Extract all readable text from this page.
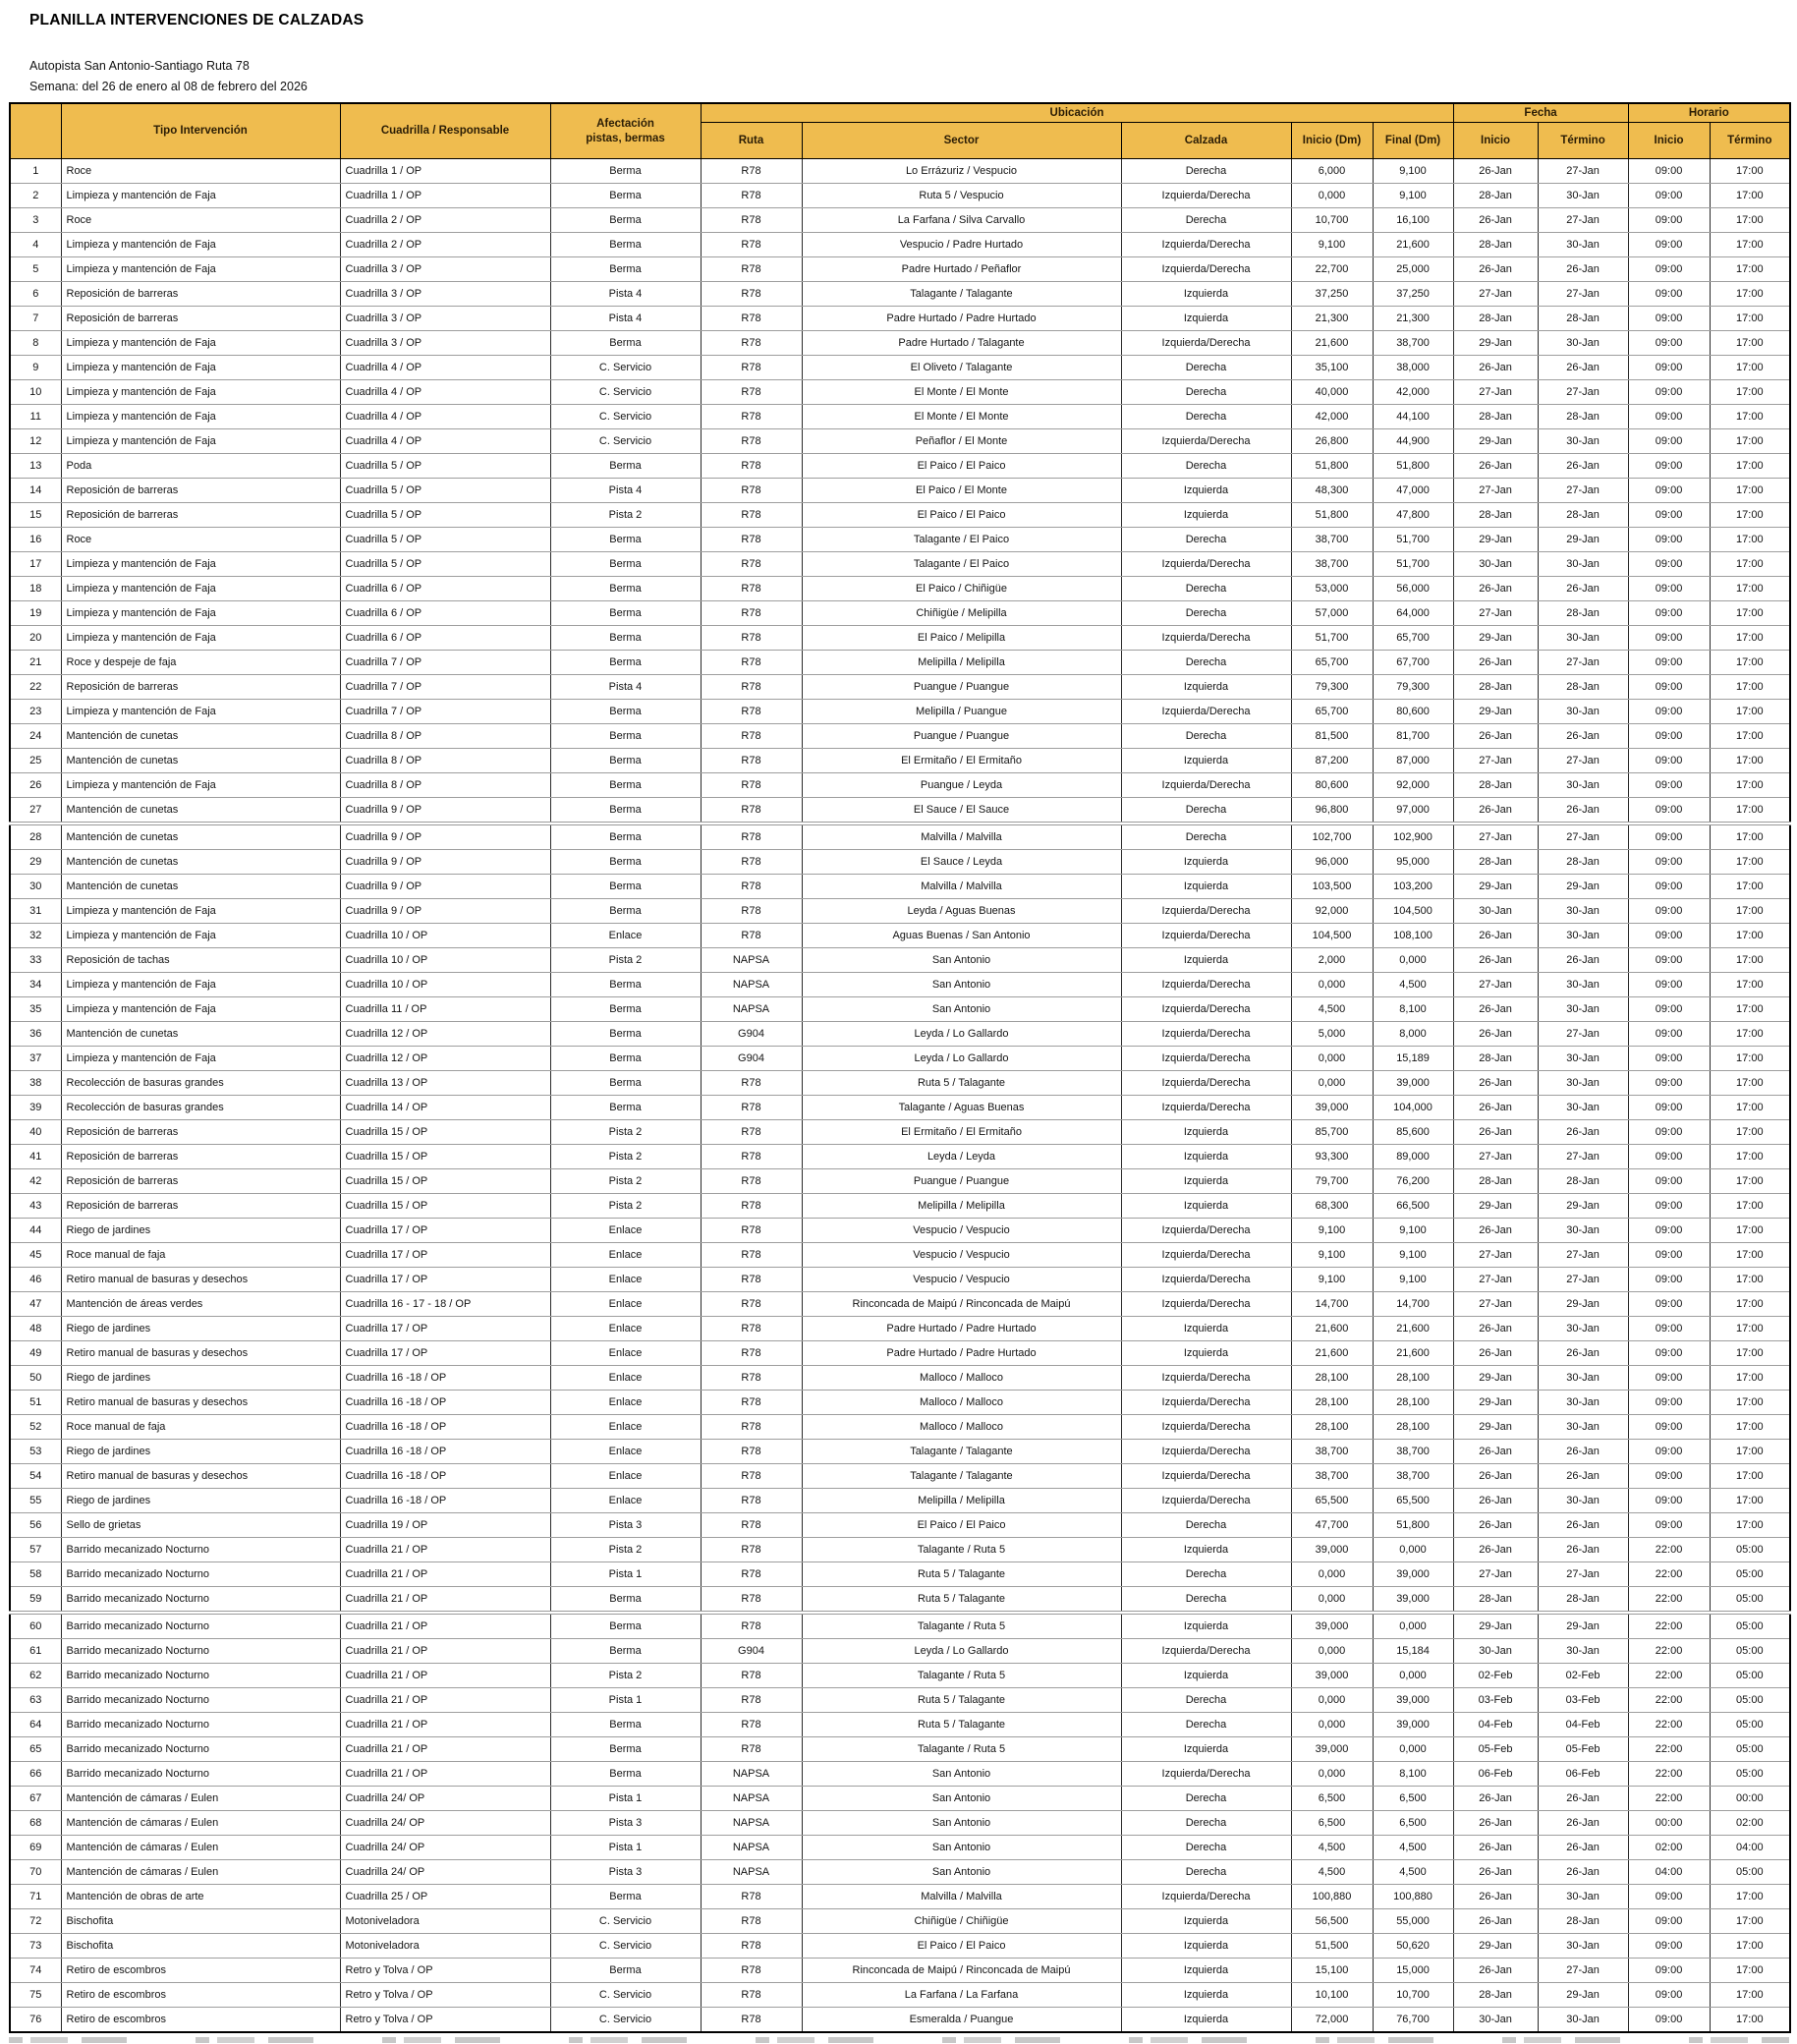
PLANILLA INTERVENCIONES DE CALZADAS
Autopista San Antonio-Santiago Ruta 78
Semana: del 26 de enero al 08 de febrero del 2026
	Tipo Intervención	Cuadrilla / Responsable	Afectación
pistas, bermas	Ubicación					Fecha		Horario	
				Ruta	Sector	Calzada	Inicio (Dm)	Final (Dm)	Inicio	Término	Inicio	Término
1	Roce	Cuadrilla 1 / OP	Berma	R78	Lo Errázuriz / Vespucio	Derecha	6,000	9,100	26-Jan	27-Jan	09:00	17:00
2	Limpieza y mantención de Faja	Cuadrilla 1 / OP	Berma	R78	Ruta 5 / Vespucio	Izquierda/Derecha	0,000	9,100	28-Jan	30-Jan	09:00	17:00
3	Roce	Cuadrilla 2 / OP	Berma	R78	La Farfana / Silva Carvallo	Derecha	10,700	16,100	26-Jan	27-Jan	09:00	17:00
4	Limpieza y mantención de Faja	Cuadrilla 2 / OP	Berma	R78	Vespucio / Padre Hurtado	Izquierda/Derecha	9,100	21,600	28-Jan	30-Jan	09:00	17:00
5	Limpieza y mantención de Faja	Cuadrilla 3 / OP	Berma	R78	Padre Hurtado / Peñaflor	Izquierda/Derecha	22,700	25,000	26-Jan	26-Jan	09:00	17:00
6	Reposición de barreras	Cuadrilla 3 / OP	Pista 4	R78	Talagante / Talagante	Izquierda	37,250	37,250	27-Jan	27-Jan	09:00	17:00
7	Reposición de barreras	Cuadrilla 3 / OP	Pista 4	R78	Padre Hurtado / Padre Hurtado	Izquierda	21,300	21,300	28-Jan	28-Jan	09:00	17:00
8	Limpieza y mantención de Faja	Cuadrilla 3 / OP	Berma	R78	Padre Hurtado / Talagante	Izquierda/Derecha	21,600	38,700	29-Jan	30-Jan	09:00	17:00
9	Limpieza y mantención de Faja	Cuadrilla 4 / OP	C. Servicio	R78	El Oliveto / Talagante	Derecha	35,100	38,000	26-Jan	26-Jan	09:00	17:00
10	Limpieza y mantención de Faja	Cuadrilla 4 / OP	C. Servicio	R78	El Monte / El Monte	Derecha	40,000	42,000	27-Jan	27-Jan	09:00	17:00
11	Limpieza y mantención de Faja	Cuadrilla 4 / OP	C. Servicio	R78	El Monte / El Monte	Derecha	42,000	44,100	28-Jan	28-Jan	09:00	17:00
12	Limpieza y mantención de Faja	Cuadrilla 4 / OP	C. Servicio	R78	Peñaflor / El Monte	Izquierda/Derecha	26,800	44,900	29-Jan	30-Jan	09:00	17:00
13	Poda	Cuadrilla 5 / OP	Berma	R78	El Paico / El Paico	Derecha	51,800	51,800	26-Jan	26-Jan	09:00	17:00
14	Reposición de barreras	Cuadrilla 5 / OP	Pista 4	R78	El Paico / El Monte	Izquierda	48,300	47,000	27-Jan	27-Jan	09:00	17:00
15	Reposición de barreras	Cuadrilla 5 / OP	Pista 2	R78	El Paico / El Paico	Izquierda	51,800	47,800	28-Jan	28-Jan	09:00	17:00
16	Roce	Cuadrilla 5 / OP	Berma	R78	Talagante / El Paico	Derecha	38,700	51,700	29-Jan	29-Jan	09:00	17:00
17	Limpieza y mantención de Faja	Cuadrilla 5 / OP	Berma	R78	Talagante / El Paico	Izquierda/Derecha	38,700	51,700	30-Jan	30-Jan	09:00	17:00
18	Limpieza y mantención de Faja	Cuadrilla 6 / OP	Berma	R78	El Paico / Chiñigüe	Derecha	53,000	56,000	26-Jan	26-Jan	09:00	17:00
19	Limpieza y mantención de Faja	Cuadrilla 6 / OP	Berma	R78	Chiñigüe / Melipilla	Derecha	57,000	64,000	27-Jan	28-Jan	09:00	17:00
20	Limpieza y mantención de Faja	Cuadrilla 6 / OP	Berma	R78	El Paico / Melipilla	Izquierda/Derecha	51,700	65,700	29-Jan	30-Jan	09:00	17:00
21	Roce y despeje de faja	Cuadrilla 7 / OP	Berma	R78	Melipilla / Melipilla	Derecha	65,700	67,700	26-Jan	27-Jan	09:00	17:00
22	Reposición de barreras	Cuadrilla 7 / OP	Pista 4	R78	Puangue / Puangue	Izquierda	79,300	79,300	28-Jan	28-Jan	09:00	17:00
23	Limpieza y mantención de Faja	Cuadrilla 7 / OP	Berma	R78	Melipilla / Puangue	Izquierda/Derecha	65,700	80,600	29-Jan	30-Jan	09:00	17:00
24	Mantención de cunetas	Cuadrilla 8 / OP	Berma	R78	Puangue / Puangue	Derecha	81,500	81,700	26-Jan	26-Jan	09:00	17:00
25	Mantención de cunetas	Cuadrilla 8 / OP	Berma	R78	El Ermitaño / El Ermitaño	Izquierda	87,200	87,000	27-Jan	27-Jan	09:00	17:00
26	Limpieza y mantención de Faja	Cuadrilla 8 / OP	Berma	R78	Puangue / Leyda	Izquierda/Derecha	80,600	92,000	28-Jan	30-Jan	09:00	17:00
27	Mantención de cunetas	Cuadrilla 9 / OP	Berma	R78	El Sauce / El Sauce	Derecha	96,800	97,000	26-Jan	26-Jan	09:00	17:00
28	Mantención de cunetas	Cuadrilla 9 / OP	Berma	R78	Malvilla / Malvilla	Derecha	102,700	102,900	27-Jan	27-Jan	09:00	17:00
29	Mantención de cunetas	Cuadrilla 9 / OP	Berma	R78	El Sauce / Leyda	Izquierda	96,000	95,000	28-Jan	28-Jan	09:00	17:00
30	Mantención de cunetas	Cuadrilla 9 / OP	Berma	R78	Malvilla / Malvilla	Izquierda	103,500	103,200	29-Jan	29-Jan	09:00	17:00
31	Limpieza y mantención de Faja	Cuadrilla 9 / OP	Berma	R78	Leyda / Aguas Buenas	Izquierda/Derecha	92,000	104,500	30-Jan	30-Jan	09:00	17:00
32	Limpieza y mantención de Faja	Cuadrilla 10 / OP	Enlace	R78	Aguas Buenas / San Antonio	Izquierda/Derecha	104,500	108,100	26-Jan	30-Jan	09:00	17:00
33	Reposición de tachas	Cuadrilla 10 / OP	Pista 2	NAPSA	San Antonio	Izquierda	2,000	0,000	26-Jan	26-Jan	09:00	17:00
34	Limpieza y mantención de Faja	Cuadrilla 10 / OP	Berma	NAPSA	San Antonio	Izquierda/Derecha	0,000	4,500	27-Jan	30-Jan	09:00	17:00
35	Limpieza y mantención de Faja	Cuadrilla 11 / OP	Berma	NAPSA	San Antonio	Izquierda/Derecha	4,500	8,100	26-Jan	30-Jan	09:00	17:00
36	Mantención de cunetas	Cuadrilla 12 / OP	Berma	G904	Leyda / Lo Gallardo	Izquierda/Derecha	5,000	8,000	26-Jan	27-Jan	09:00	17:00
37	Limpieza y mantención de Faja	Cuadrilla 12 / OP	Berma	G904	Leyda / Lo Gallardo	Izquierda/Derecha	0,000	15,189	28-Jan	30-Jan	09:00	17:00
38	Recolección de basuras grandes	Cuadrilla 13 / OP	Berma	R78	Ruta 5 / Talagante	Izquierda/Derecha	0,000	39,000	26-Jan	30-Jan	09:00	17:00
39	Recolección de basuras grandes	Cuadrilla 14 / OP	Berma	R78	Talagante / Aguas Buenas	Izquierda/Derecha	39,000	104,000	26-Jan	30-Jan	09:00	17:00
40	Reposición de barreras	Cuadrilla 15 / OP	Pista 2	R78	El Ermitaño / El Ermitaño	Izquierda	85,700	85,600	26-Jan	26-Jan	09:00	17:00
41	Reposición de barreras	Cuadrilla 15 / OP	Pista 2	R78	Leyda / Leyda	Izquierda	93,300	89,000	27-Jan	27-Jan	09:00	17:00
42	Reposición de barreras	Cuadrilla 15 / OP	Pista 2	R78	Puangue / Puangue	Izquierda	79,700	76,200	28-Jan	28-Jan	09:00	17:00
43	Reposición de barreras	Cuadrilla 15 / OP	Pista 2	R78	Melipilla / Melipilla	Izquierda	68,300	66,500	29-Jan	29-Jan	09:00	17:00
44	Riego de jardines	Cuadrilla 17 / OP	Enlace	R78	Vespucio / Vespucio	Izquierda/Derecha	9,100	9,100	26-Jan	30-Jan	09:00	17:00
45	Roce manual de faja	Cuadrilla 17 / OP	Enlace	R78	Vespucio / Vespucio	Izquierda/Derecha	9,100	9,100	27-Jan	27-Jan	09:00	17:00
46	Retiro manual de basuras y desechos	Cuadrilla 17 / OP	Enlace	R78	Vespucio / Vespucio	Izquierda/Derecha	9,100	9,100	27-Jan	27-Jan	09:00	17:00
47	Mantención de áreas verdes	Cuadrilla 16 - 17 - 18 / OP	Enlace	R78	Rinconcada de Maipú / Rinconcada de Maipú	Izquierda/Derecha	14,700	14,700	27-Jan	29-Jan	09:00	17:00
48	Riego de jardines	Cuadrilla 17 / OP	Enlace	R78	Padre Hurtado / Padre Hurtado	Izquierda	21,600	21,600	26-Jan	30-Jan	09:00	17:00
49	Retiro manual de basuras y desechos	Cuadrilla 17 / OP	Enlace	R78	Padre Hurtado / Padre Hurtado	Izquierda	21,600	21,600	26-Jan	26-Jan	09:00	17:00
50	Riego de jardines	Cuadrilla 16 -18 / OP	Enlace	R78	Malloco / Malloco	Izquierda/Derecha	28,100	28,100	29-Jan	30-Jan	09:00	17:00
51	Retiro manual de basuras y desechos	Cuadrilla 16 -18 / OP	Enlace	R78	Malloco / Malloco	Izquierda/Derecha	28,100	28,100	29-Jan	30-Jan	09:00	17:00
52	Roce manual de faja	Cuadrilla 16 -18 / OP	Enlace	R78	Malloco / Malloco	Izquierda/Derecha	28,100	28,100	29-Jan	30-Jan	09:00	17:00
53	Riego de jardines	Cuadrilla 16 -18 / OP	Enlace	R78	Talagante / Talagante	Izquierda/Derecha	38,700	38,700	26-Jan	26-Jan	09:00	17:00
54	Retiro manual de basuras y desechos	Cuadrilla 16 -18 / OP	Enlace	R78	Talagante / Talagante	Izquierda/Derecha	38,700	38,700	26-Jan	26-Jan	09:00	17:00
55	Riego de jardines	Cuadrilla 16 -18 / OP	Enlace	R78	Melipilla / Melipilla	Izquierda/Derecha	65,500	65,500	26-Jan	30-Jan	09:00	17:00
56	Sello de grietas	Cuadrilla 19 / OP	Pista 3	R78	El Paico / El Paico	Derecha	47,700	51,800	26-Jan	26-Jan	09:00	17:00
57	Barrido mecanizado Nocturno	Cuadrilla 21 / OP	Pista 2	R78	Talagante / Ruta 5	Izquierda	39,000	0,000	26-Jan	26-Jan	22:00	05:00
58	Barrido mecanizado Nocturno	Cuadrilla 21 / OP	Pista 1	R78	Ruta 5 / Talagante	Derecha	0,000	39,000	27-Jan	27-Jan	22:00	05:00
59	Barrido mecanizado Nocturno	Cuadrilla 21 / OP	Berma	R78	Ruta 5 / Talagante	Derecha	0,000	39,000	28-Jan	28-Jan	22:00	05:00
60	Barrido mecanizado Nocturno	Cuadrilla 21 / OP	Berma	R78	Talagante / Ruta 5	Izquierda	39,000	0,000	29-Jan	29-Jan	22:00	05:00
61	Barrido mecanizado Nocturno	Cuadrilla 21 / OP	Berma	G904	Leyda / Lo Gallardo	Izquierda/Derecha	0,000	15,184	30-Jan	30-Jan	22:00	05:00
62	Barrido mecanizado Nocturno	Cuadrilla 21 / OP	Pista 2	R78	Talagante / Ruta 5	Izquierda	39,000	0,000	02-Feb	02-Feb	22:00	05:00
63	Barrido mecanizado Nocturno	Cuadrilla 21 / OP	Pista 1	R78	Ruta 5 / Talagante	Derecha	0,000	39,000	03-Feb	03-Feb	22:00	05:00
64	Barrido mecanizado Nocturno	Cuadrilla 21 / OP	Berma	R78	Ruta 5 / Talagante	Derecha	0,000	39,000	04-Feb	04-Feb	22:00	05:00
65	Barrido mecanizado Nocturno	Cuadrilla 21 / OP	Berma	R78	Talagante / Ruta 5	Izquierda	39,000	0,000	05-Feb	05-Feb	22:00	05:00
66	Barrido mecanizado Nocturno	Cuadrilla 21 / OP	Berma	NAPSA	San Antonio	Izquierda/Derecha	0,000	8,100	06-Feb	06-Feb	22:00	05:00
67	Mantención de cámaras / Eulen	Cuadrilla 24/ OP	Pista 1	NAPSA	San Antonio	Derecha	6,500	6,500	26-Jan	26-Jan	22:00	00:00
68	Mantención de cámaras / Eulen	Cuadrilla 24/ OP	Pista 3	NAPSA	San Antonio	Derecha	6,500	6,500	26-Jan	26-Jan	00:00	02:00
69	Mantención de cámaras / Eulen	Cuadrilla 24/ OP	Pista 1	NAPSA	San Antonio	Derecha	4,500	4,500	26-Jan	26-Jan	02:00	04:00
70	Mantención de cámaras / Eulen	Cuadrilla 24/ OP	Pista 3	NAPSA	San Antonio	Derecha	4,500	4,500	26-Jan	26-Jan	04:00	05:00
71	Mantención de obras de arte	Cuadrilla 25 / OP	Berma	R78	Malvilla / Malvilla	Izquierda/Derecha	100,880	100,880	26-Jan	30-Jan	09:00	17:00
72	Bischofita	Motoniveladora	C. Servicio	R78	Chiñigüe / Chiñigüe	Izquierda	56,500	55,000	26-Jan	28-Jan	09:00	17:00
73	Bischofita	Motoniveladora	C. Servicio	R78	El Paico / El Paico	Izquierda	51,500	50,620	29-Jan	30-Jan	09:00	17:00
74	Retiro de escombros	Retro y Tolva / OP	Berma	R78	Rinconcada de Maipú / Rinconcada de Maipú	Izquierda	15,100	15,000	26-Jan	27-Jan	09:00	17:00
75	Retiro de escombros	Retro y Tolva / OP	C. Servicio	R78	La Farfana / La Farfana	Izquierda	10,100	10,700	28-Jan	29-Jan	09:00	17:00
76	Retiro de escombros	Retro y Tolva / OP	C. Servicio	R78	Esmeralda / Puangue	Izquierda	72,000	76,700	30-Jan	30-Jan	09:00	17:00
